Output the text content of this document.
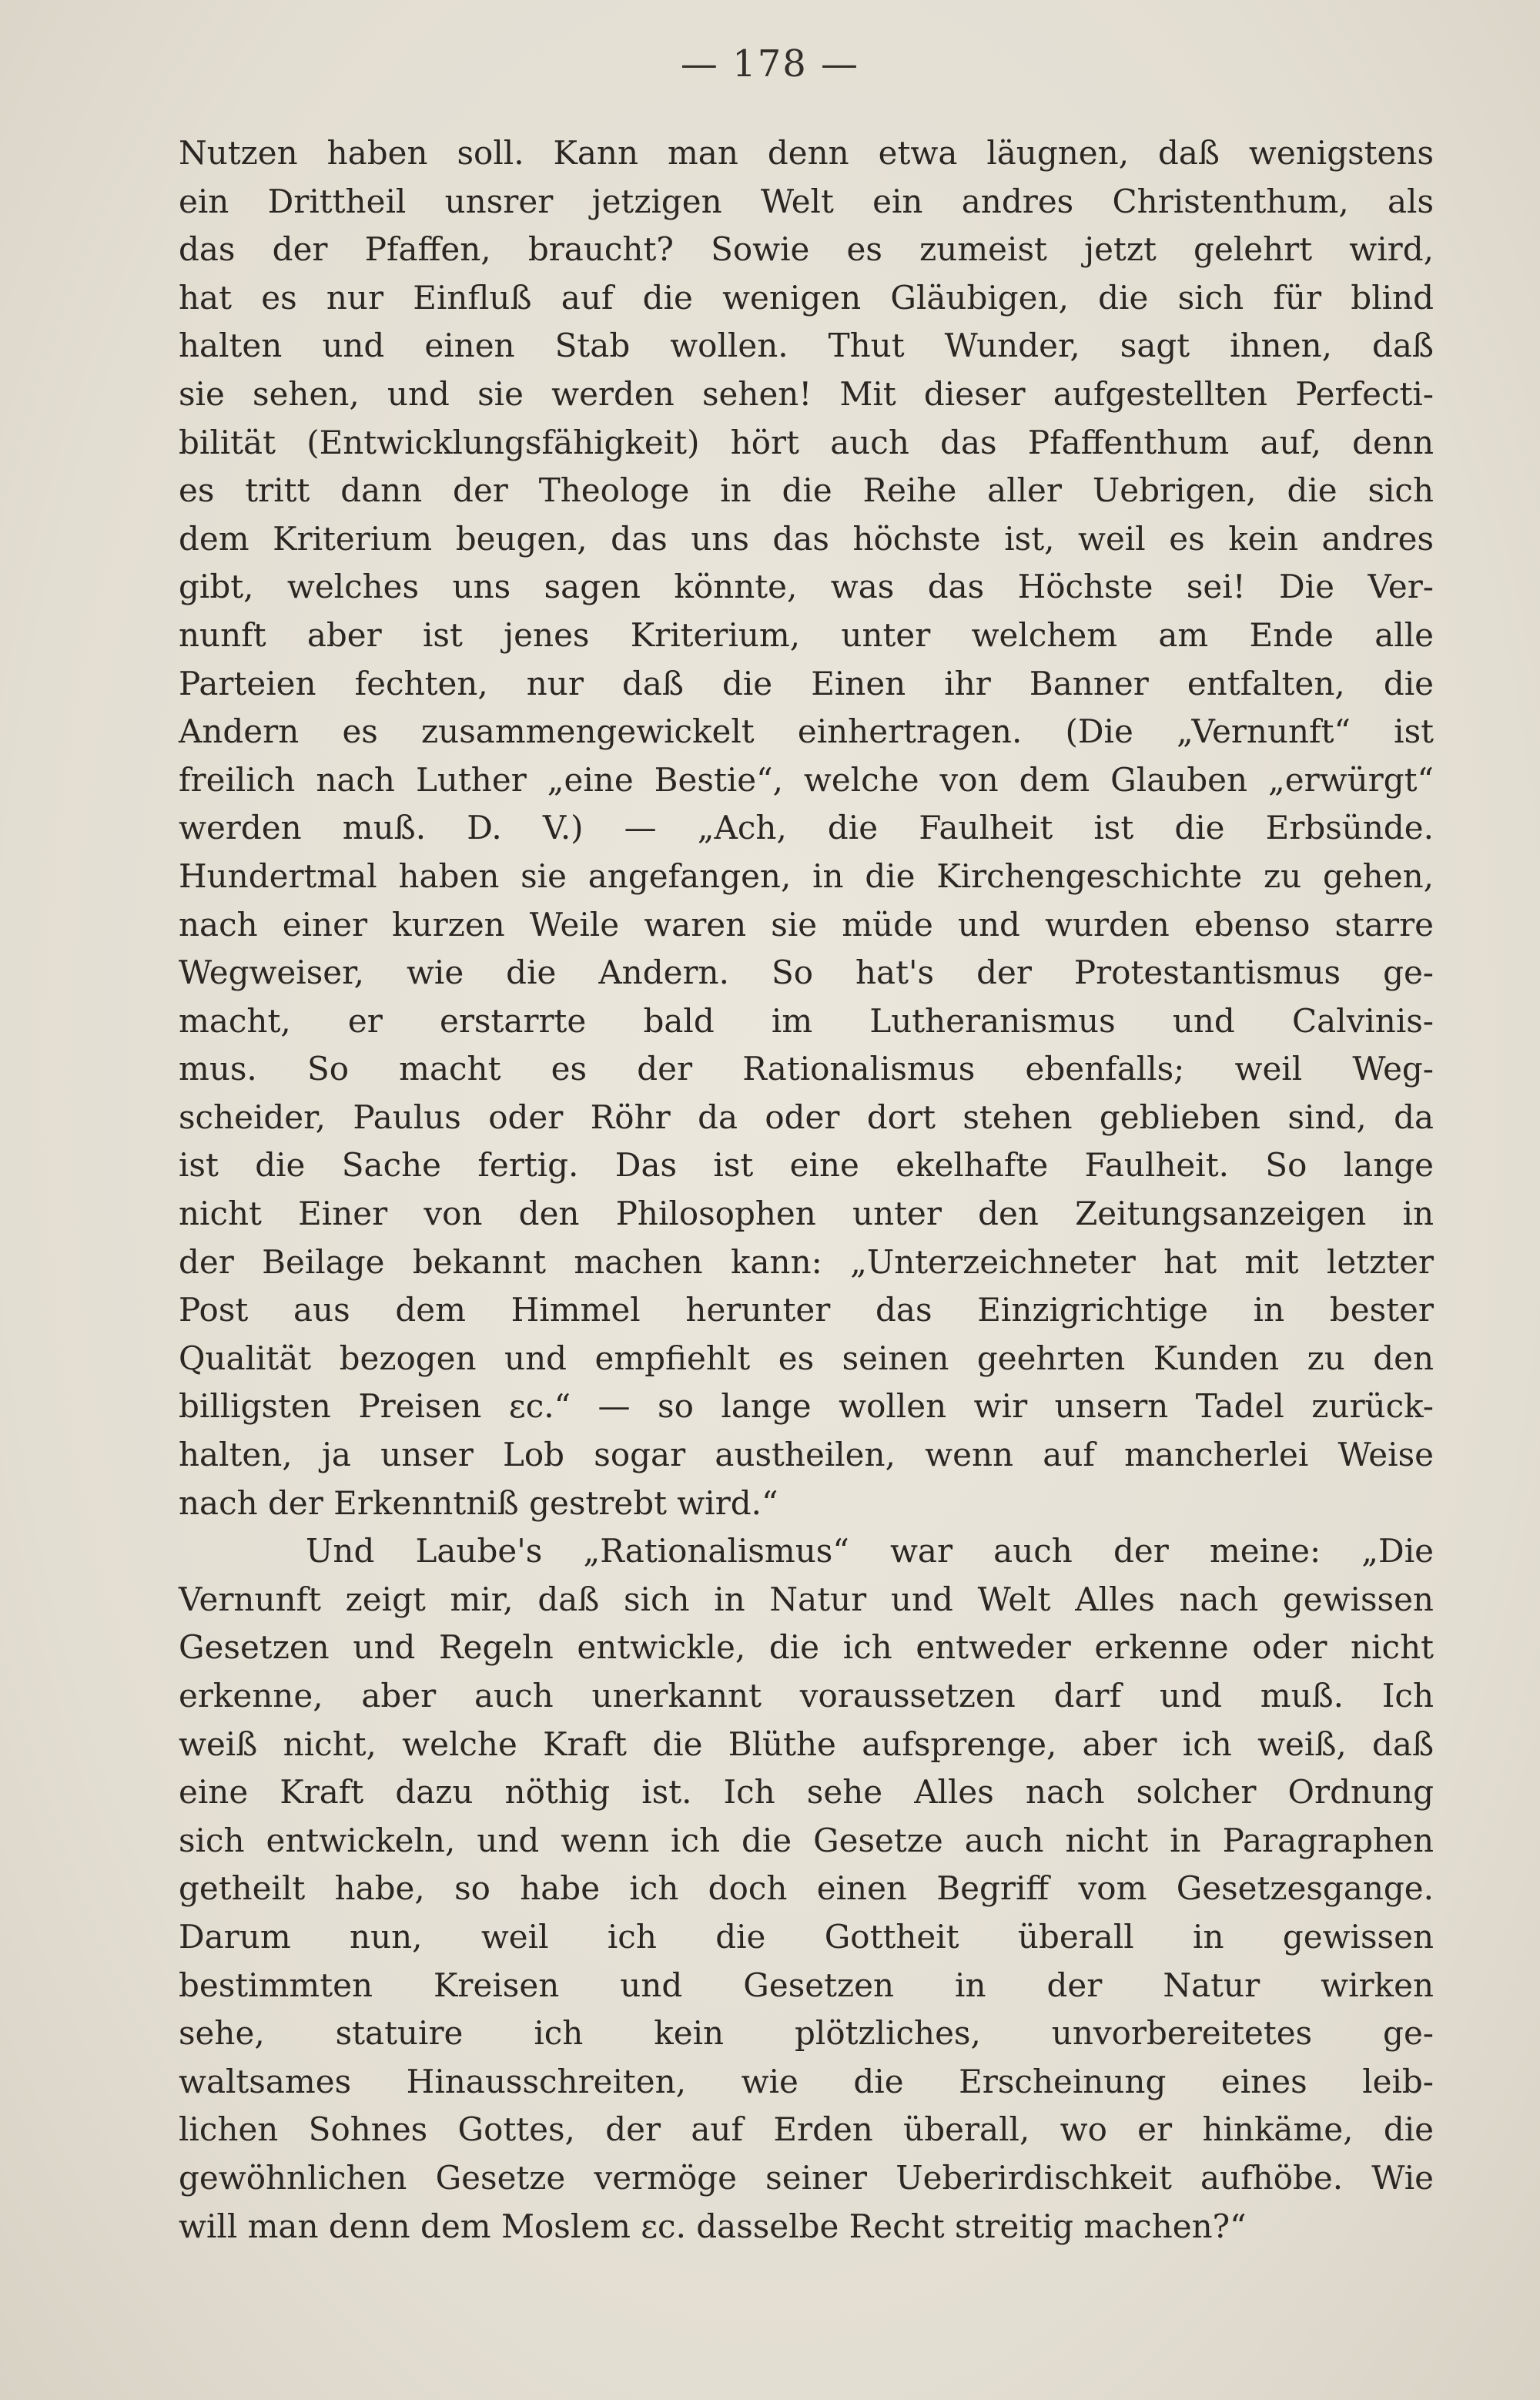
— 178 —
Nutzen haben soll. Kann man denn etwa läugnen, daß wenigstens
ein Drittheil unsrer jetzigen Welt ein andres Christenthum, als
das der Pfaffen, braucht? Sowie es zumeist jetzt gelehrt wird,
hat es nur Einfluß auf die wenigen Gläubigen, die sich für blind
halten und einen Stab wollen. Thut Wunder, sagt ihnen, daß
sie sehen, und sie werden sehen! Mit dieser aufgestellten Perfecti-
bilität (Entwicklungsfähigkeit) hört auch das Pfaffenthum auf, denn
es tritt dann der Theologe in die Reihe aller Uebrigen, die sich
dem Kriterium beugen, das uns das höchste ist, weil es kein andres
gibt, welches uns sagen könnte, was das Höchste sei! Die Ver-
nunft aber ist jenes Kriterium, unter welchem am Ende alle
Parteien fechten, nur daß die Einen ihr Banner entfalten, die
Andern es zusammengewickelt einhertragen. (Die „Vernunft“ ist
freilich nach Luther „eine Bestie“, welche von dem Glauben „erwürgt“
werden muß. D. V.) — „Ach, die Faulheit ist die Erbsünde.
Hundertmal haben sie angefangen, in die Kirchengeschichte zu gehen,
nach einer kurzen Weile waren sie müde und wurden ebenso starre
Wegweiser, wie die Andern. So hat's der Protestantismus ge-
macht, er erstarrte bald im Lutheranismus und Calvinis-
mus. So macht es der Rationalismus ebenfalls; weil Weg-
scheider, Paulus oder Röhr da oder dort stehen geblieben sind, da
ist die Sache fertig. Das ist eine ekelhafte Faulheit. So lange
nicht Einer von den Philosophen unter den Zeitungsanzeigen in
der Beilage bekannt machen kann: „Unterzeichneter hat mit letzter
Post aus dem Himmel herunter das Einzigrichtige in bester
Qualität bezogen und empfiehlt es seinen geehrten Kunden zu den
billigsten Preisen ɛc.“ — so lange wollen wir unsern Tadel zurück-
halten, ja unser Lob sogar austheilen, wenn auf mancherlei Weise
nach der Erkenntniß gestrebt wird.“
Und Laube's „Rationalismus“ war auch der meine: „Die
Vernunft zeigt mir, daß sich in Natur und Welt Alles nach gewissen
Gesetzen und Regeln entwickle, die ich entweder erkenne oder nicht
erkenne, aber auch unerkannt voraussetzen darf und muß. Ich
weiß nicht, welche Kraft die Blüthe aufsprenge, aber ich weiß, daß
eine Kraft dazu nöthig ist. Ich sehe Alles nach solcher Ordnung
sich entwickeln, und wenn ich die Gesetze auch nicht in Paragraphen
getheilt habe, so habe ich doch einen Begriff vom Gesetzesgange.
Darum nun, weil ich die Gottheit überall in gewissen
bestimmten Kreisen und Gesetzen in der Natur wirken
sehe, statuire ich kein plötzliches, unvorbereitetes ge-
waltsames Hinausschreiten, wie die Erscheinung eines leib-
lichen Sohnes Gottes, der auf Erden überall, wo er hinkäme, die
gewöhnlichen Gesetze vermöge seiner Ueberirdischkeit aufhöbe. Wie
will man denn dem Moslem ɛc. dasselbe Recht streitig machen?“
